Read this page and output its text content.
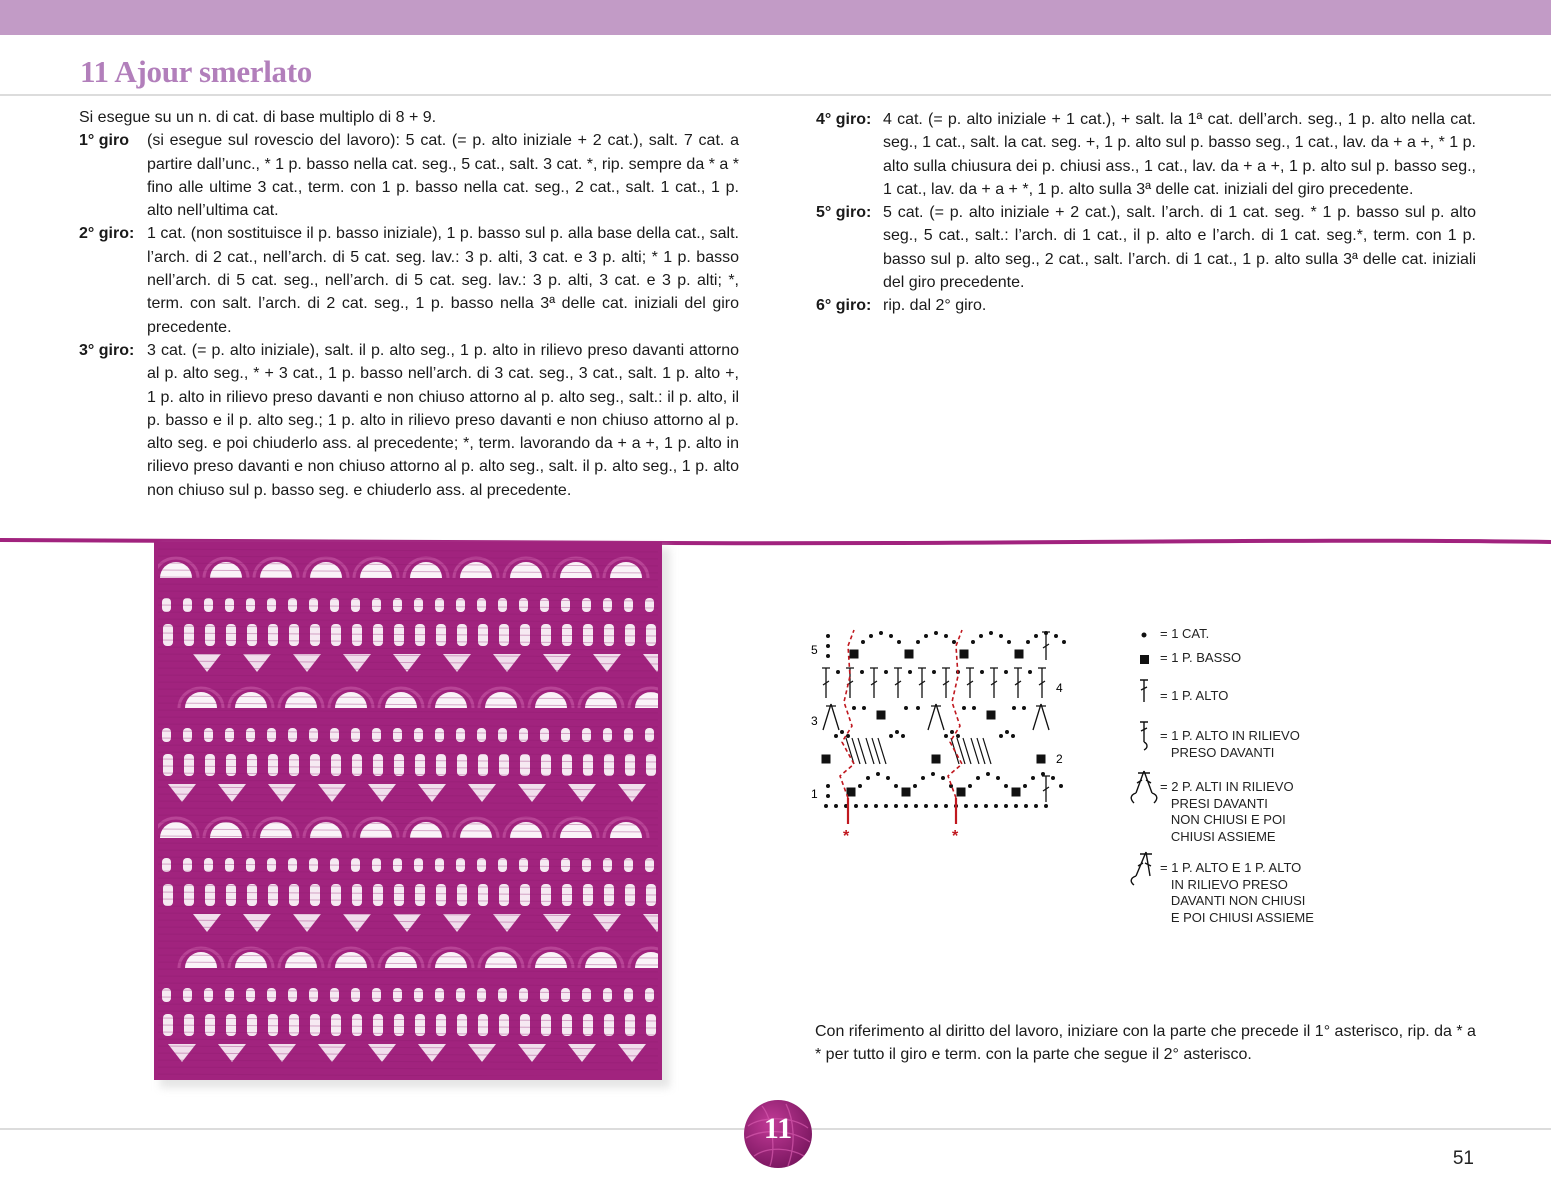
11 Ajour smerlato

Si esegue su un n. di cat. di base multiplo di 8 + 9.

1° giro	(si esegue sul rovescio del lavoro): 5 cat. (= p. alto iniziale + 2 cat.), salt. 7 cat. a partire dall’unc., * 1 p. basso nella cat. seg., 5 cat., salt. 3 cat. *, rip. sempre da * a * fino alle ultime 3 cat., term. con 1 p. basso nella cat. seg., 2 cat., salt. 1 cat., 1 p. alto nell’ultima cat.
2° giro: 1 cat. (non sostituisce il p. basso iniziale), 1 p. basso sul p. alla base della cat., salt. l’arch. di 2 cat., nell’arch. di 5 cat. seg. lav.: 3 p. alti, 3 cat. e 3 p. alti; * 1 p. basso nell’arch. di 5 cat. seg., nell’arch. di 5 cat. seg. lav.: 3 p. alti, 3 cat. e 3 p. alti; *, term. con salt. l’arch. di 2 cat. seg., 1 p. basso nella 3ª delle cat. iniziali del giro precedente.
3° giro: 3 cat. (= p. alto iniziale), salt. il p. alto seg., 1 p. alto in rilievo preso davanti attorno al p. alto seg., * + 3 cat., 1 p. basso nell’arch. di 3 cat. seg., 3 cat., salt. 1 p. alto +, 1 p. alto in rilievo preso davanti e non chiuso attorno al p. alto seg., salt.: il p. alto, il p. basso e il p. alto seg.; 1 p. alto in rilievo preso davanti e non chiuso attorno al p. alto seg. e poi chiuderlo ass. al precedente; *, term. lavorando da + a +, 1 p. alto in rilievo preso davanti e non chiuso attorno al p. alto seg., salt. il p. alto seg., 1 p. alto non chiuso sul p. basso seg. e chiuderlo ass. al precedente.
4° giro: 4 cat. (= p. alto iniziale + 1 cat.), + salt. la 1ª cat. dell’arch. seg., 1 p. alto nella cat. seg., 1 cat., salt. la cat. seg. +, 1 p. alto sul p. basso seg., 1 cat., lav. da + a +, * 1 p. alto sulla chiusura dei p. chiusi ass., 1 cat., lav. da + a +, 1 p. alto sul p. basso seg., 1 cat., lav. da + a + *, 1 p. alto sulla 3ª delle cat. iniziali del giro precedente.
5° giro: 5 cat. (= p. alto iniziale + 2 cat.), salt. l’arch. di 1 cat. seg. * 1 p. basso sul p. alto seg., 5 cat., salt.: l’arch. di 1 cat., il p. alto e l’arch. di 1 cat. seg.*, term. con 1 p. basso sul p. alto seg., 2 cat., salt. l’arch. di 1 cat., 1 p. alto sulla 3ª delle cat. iniziali del giro precedente.
6° giro: rip. dal 2° giro.
5
4
3
2
1
*	*
= 1 CAT.
= 1 P. BASSO
= 1 P. ALTO
= 1 P. ALTO IN RILIEVO
PRESO DAVANTI
= 2 P. ALTI IN RILIEVO
PRESI DAVANTI
NON CHIUSI E POI
CHIUSI ASSIEME
= 1 P. ALTO E 1 P. ALTO
IN RILIEVO PRESO
DAVANTI NON CHIUSI
E POI CHIUSI ASSIEME

Con riferimento al diritto del lavoro, iniziare con la parte che precede il 1° asterisco, rip. da * a * per tutto il giro e term. con la parte che segue il 2° asterisco.

11
51
